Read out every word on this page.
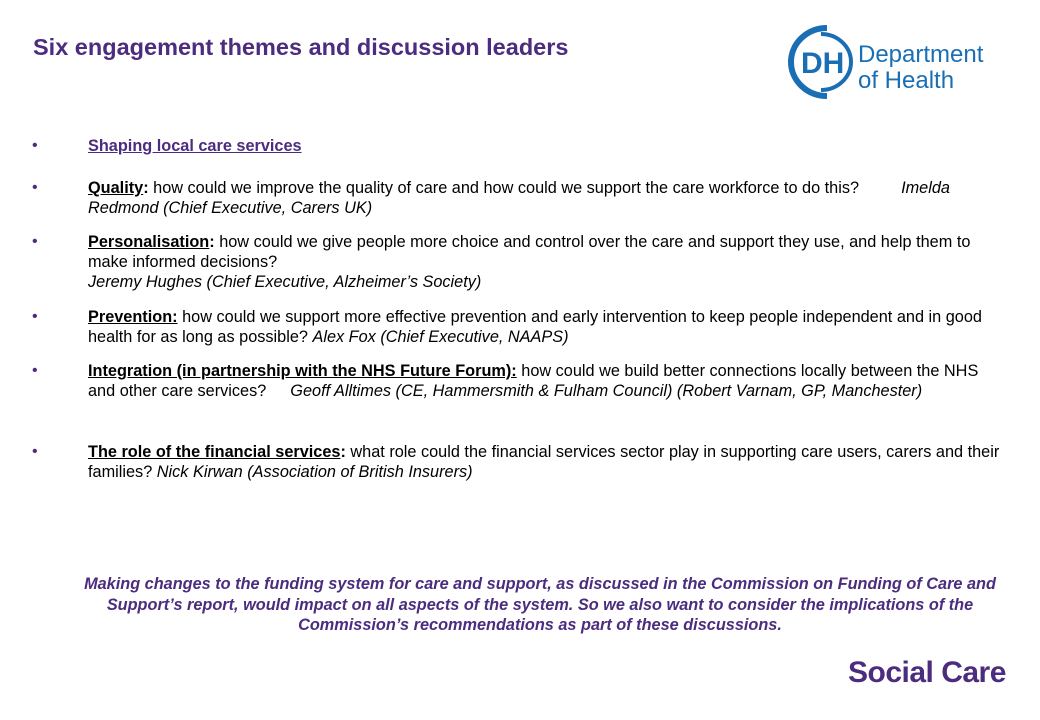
Six engagement themes and discussion leaders	DH Department
of Health
• Shaping local care services
• Quality: how could we improve the quality of care and how could we support the care workforce to do this?	Imelda Redmond (Chief Executive, Carers UK)
• Personalisation: how could we give people more choice and control over the care and support they use, and help them to make informed decisions?
Jeremy Hughes (Chief Executive, Alzheimer’s Society)
• Prevention: how could we support more effective prevention and early intervention to keep people independent and in good health for as long as possible? Alex Fox (Chief Executive, NAAPS)
• Integration (in partnership with the NHS Future Forum): how could we build better connections locally between the NHS and other care services? Geoff Alltimes (CE, Hammersmith & Fulham Council) (Robert Varnam, GP, Manchester)
• The role of the financial services: what role could the financial services sector play in supporting care users, carers and their families? Nick Kirwan (Association of British Insurers)

Making changes to the funding system for care and support, as discussed in the Commission on Funding of Care and Support’s report, would impact on all aspects of the system. So we also want to consider the implications of the Commission’s recommendations as part of these discussions.

Social Care
